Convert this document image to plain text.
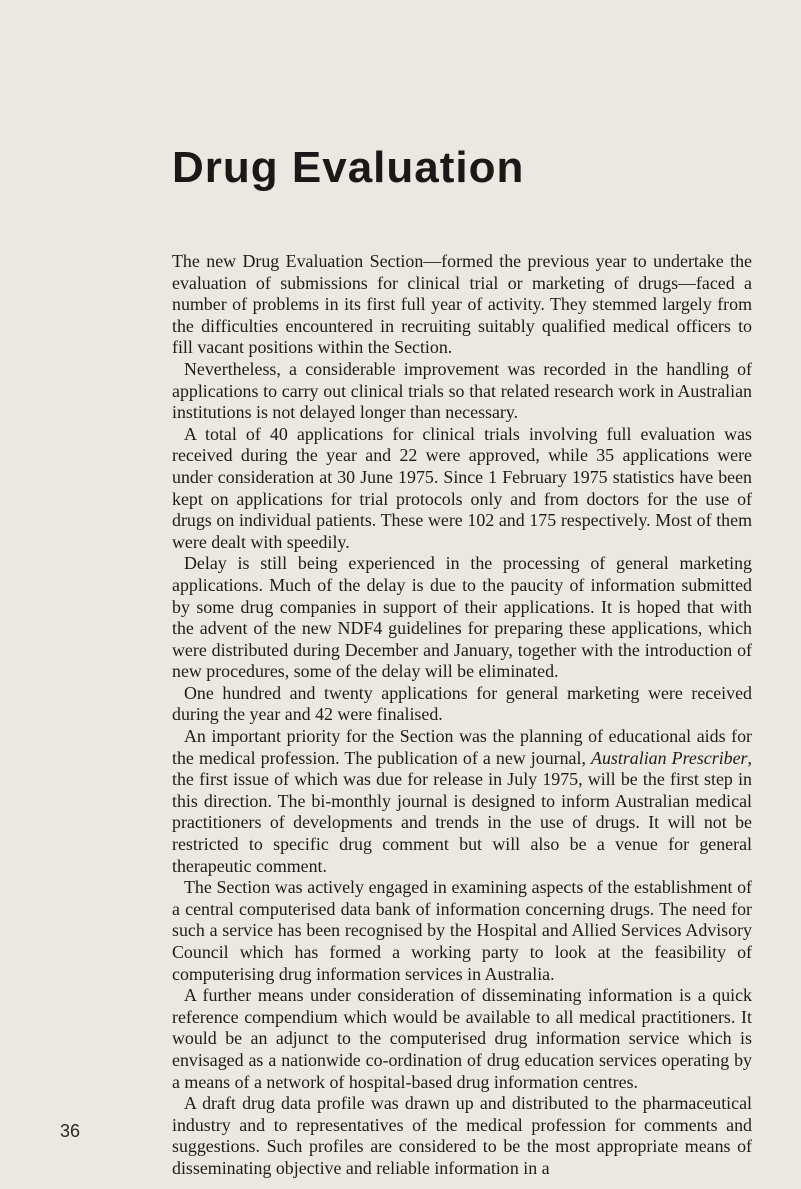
Drug Evaluation

The new Drug Evaluation Section—formed the previous year to undertake the evaluation of submissions for clinical trial or marketing of drugs—faced a number of problems in its first full year of activity. They stemmed largely from the difficulties encountered in recruiting suitably qualified medical officers to fill vacant positions within the Section.

Nevertheless, a considerable improvement was recorded in the handling of applications to carry out clinical trials so that related research work in Australian institutions is not delayed longer than necessary.

A total of 40 applications for clinical trials involving full evaluation was received during the year and 22 were approved, while 35 applications were under consideration at 30 June 1975. Since 1 February 1975 statistics have been kept on applications for trial protocols only and from doctors for the use of drugs on individual patients. These were 102 and 175 respectively. Most of them were dealt with speedily.

Delay is still being experienced in the processing of general marketing applications. Much of the delay is due to the paucity of information submitted by some drug companies in support of their applications. It is hoped that with the advent of the new NDF4 guidelines for preparing these applications, which were distributed during December and January, together with the introduction of new procedures, some of the delay will be eliminated.

One hundred and twenty applications for general marketing were received during the year and 42 were finalised.

An important priority for the Section was the planning of educational aids for the medical profession. The publication of a new journal, Australian Prescriber, the first issue of which was due for release in July 1975, will be the first step in this direction. The bi-monthly journal is designed to inform Australian medical practitioners of developments and trends in the use of drugs. It will not be restricted to specific drug comment but will also be a venue for general therapeutic comment.

The Section was actively engaged in examining aspects of the establishment of a central computerised data bank of information concerning drugs. The need for such a service has been recognised by the Hospital and Allied Services Advisory Council which has formed a working party to look at the feasibility of computerising drug information services in Australia.

A further means under consideration of disseminating information is a quick reference compendium which would be available to all medical practitioners. It would be an adjunct to the computerised drug information service which is envisaged as a nationwide co-ordination of drug education services operating by a means of a network of hospital-based drug information centres.

A draft drug data profile was drawn up and distributed to the pharmaceutical industry and to representatives of the medical profession for comments and suggestions. Such profiles are considered to be the most appropriate means of disseminating objective and reliable information in a

36
